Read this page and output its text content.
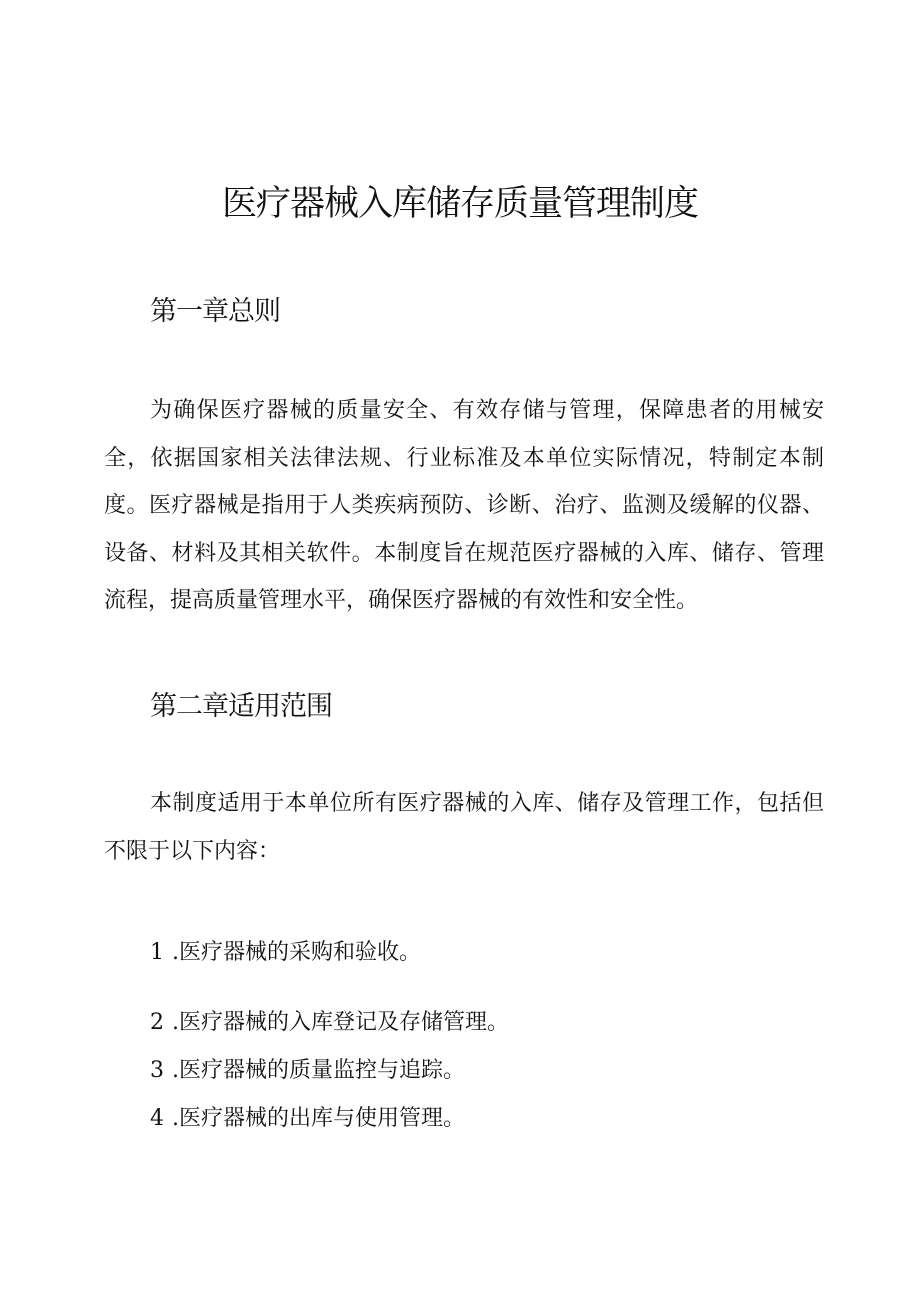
医疗器械入库储存质量管理制度
第一章总则
为确保医疗器械的质量安全、有效存储与管理，保障患者的用械安全，依据国家相关法律法规、行业标准及本单位实际情况，特制定本制度。医疗器械是指用于人类疾病预防、诊断、治疗、监测及缓解的仪器、设备、材料及其相关软件。本制度旨在规范医疗器械的入库、储存、管理流程，提高质量管理水平，确保医疗器械的有效性和安全性。
第二章适用范围
本制度适用于本单位所有医疗器械的入库、储存及管理工作，包括但不限于以下内容：
1 .医疗器械的采购和验收。
2 .医疗器械的入库登记及存储管理。
3 .医疗器械的质量监控与追踪。
4 .医疗器械的出库与使用管理。
